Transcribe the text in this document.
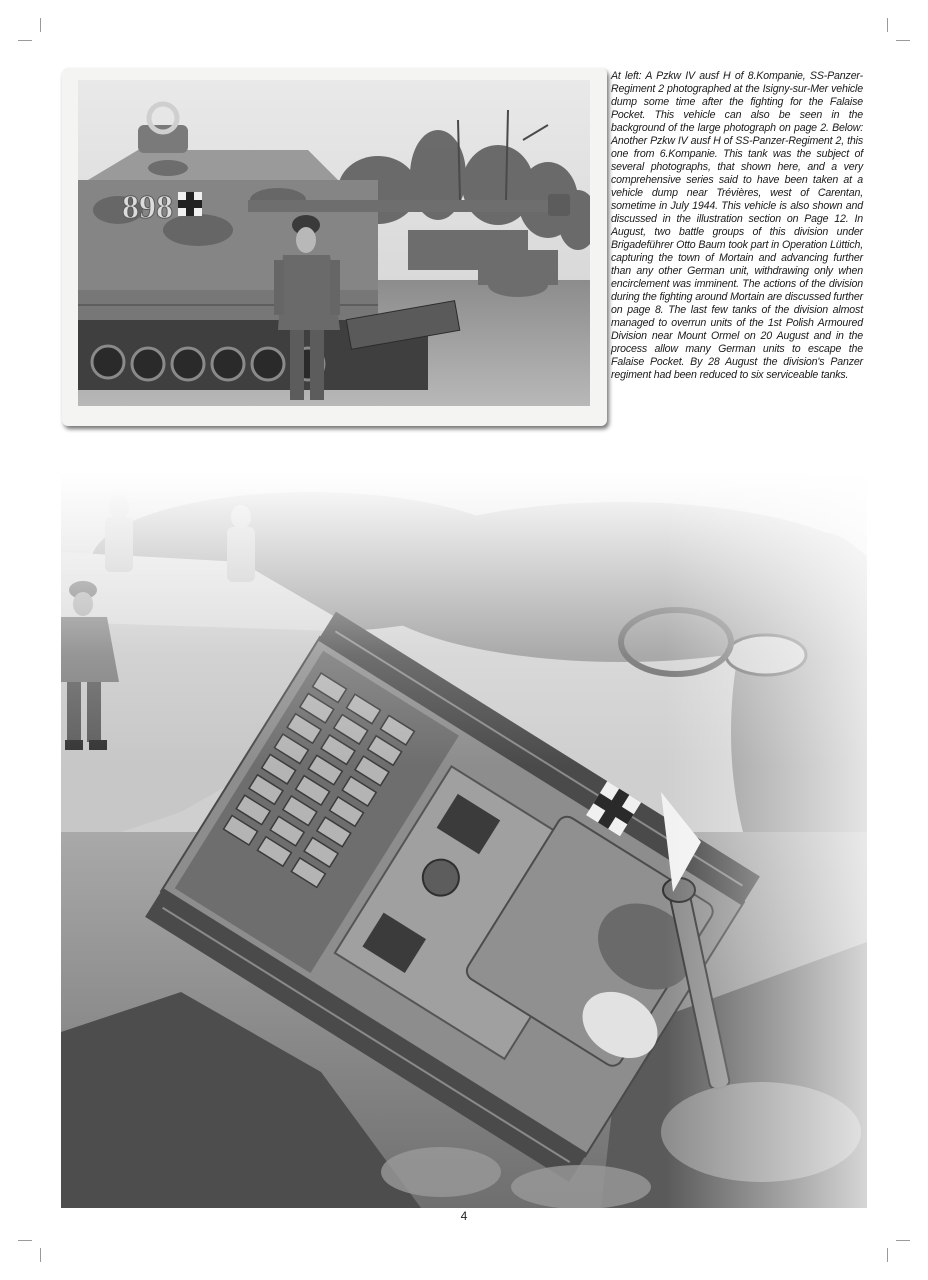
898
At left: A Pzkw IV ausf H of 8.Kompanie, SS-Panzer-Regiment 2 photographed at the Isigny-sur-Mer vehicle dump some time after the fighting for the Falaise Pocket. This vehicle can also be seen in the background of the large photograph on page 2. Below: Another Pzkw IV ausf H of SS-Panzer-Regiment 2, this one from 6.Kompanie. This tank was the subject of several photographs, that shown here, and a very comprehensive series said to have been taken at a vehicle dump near Trévières, west of Carentan, sometime in July 1944. This vehicle is also shown and discussed in the illustration section on Page 12. In August, two battle groups of this division under Brigadeführer Otto Baum took part in Operation Lüttich, capturing the town of Mortain and advancing further than any other German unit, withdrawing only when encirclement was imminent. The actions of the division during the fighting around Mortain are discussed further on page 8. The last few tanks of the division almost managed to overrun units of the 1st Polish Armoured Division near Mount Ormel on 20 August and in the process allow many German units to escape the Falaise Pocket. By 28 August the division's Panzer regiment had been reduced to six serviceable tanks.
4
